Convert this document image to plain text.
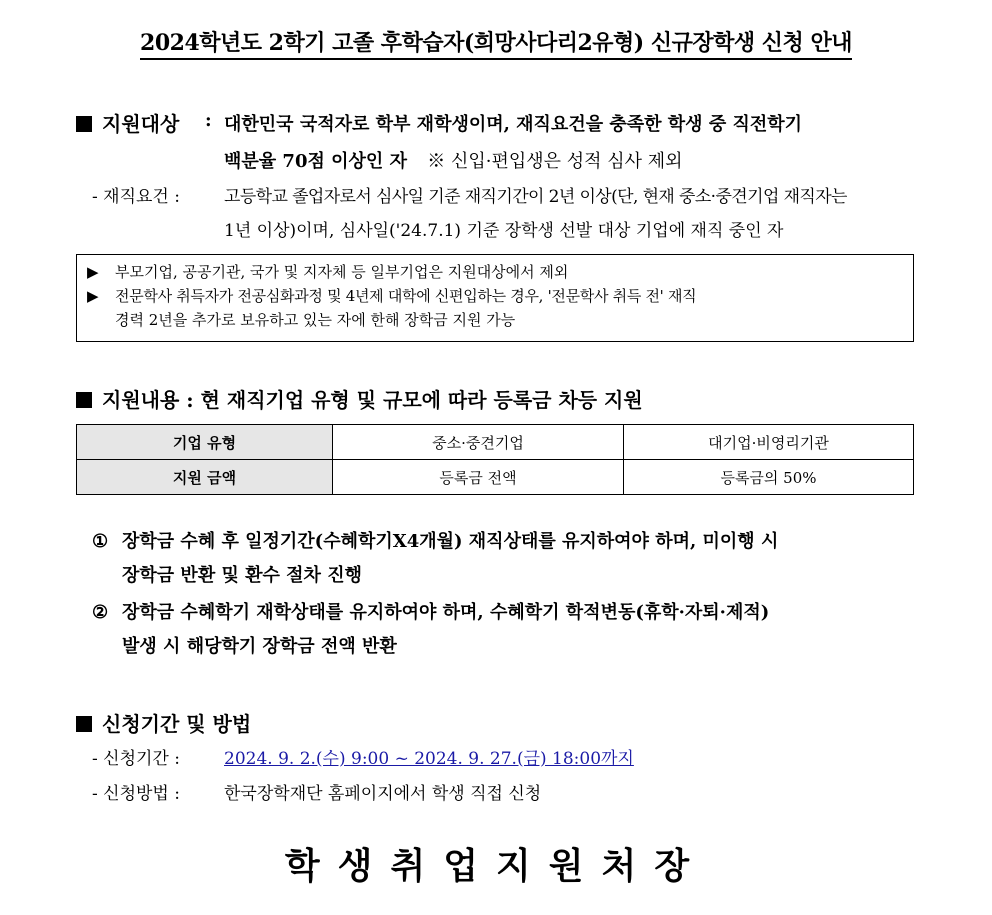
2024학년도 2학기 고졸 후학습자(희망사다리2유형) 신규장학생 신청 안내
지원대상 : 대한민국 국적자로 학부 재학생이며, 재직요건을 충족한 학생 중 직전학기
백분율 70점 이상인 자 ※ 신입·편입생은 성적 심사 제외
- 재직요건 :	고등학교 졸업자로서 심사일 기준 재직기간이 2년 이상(단, 현재 중소·중견기업 재직자는
1년 이상)이며, 심사일('24.7.1) 기준 장학생 선발 대상 기업에 재직 중인 자
▶ 부모기업, 공공기관, 국가 및 지자체 등 일부기업은 지원대상에서 제외
▶ 전문학사 취득자가 전공심화과정 및 4년제 대학에 신편입하는 경우, '전문학사 취득 전' 재직
경력 2년을 추가로 보유하고 있는 자에 한해 장학금 지원 가능
지원내용 : 현 재직기업 유형 및 규모에 따라 등록금 차등 지원
기업 유형	중소·중견기업	대기업·비영리기관
지원 금액	등록금 전액	등록금의 50%
① 장학금 수혜 후 일정기간(수혜학기X4개월) 재직상태를 유지하여야 하며, 미이행 시
장학금 반환 및 환수 절차 진행
② 장학금 수혜학기 재학상태를 유지하여야 하며, 수혜학기 학적변동(휴학·자퇴·제적)
발생 시 해당학기 장학금 전액 반환
신청기간 및 방법
- 신청기간 :	2024. 9. 2.(수) 9:00 ~ 2024. 9. 27.(금) 18:00까지
- 신청방법 :	한국장학재단 홈페이지에서 학생 직접 신청
학생취업지원처장
